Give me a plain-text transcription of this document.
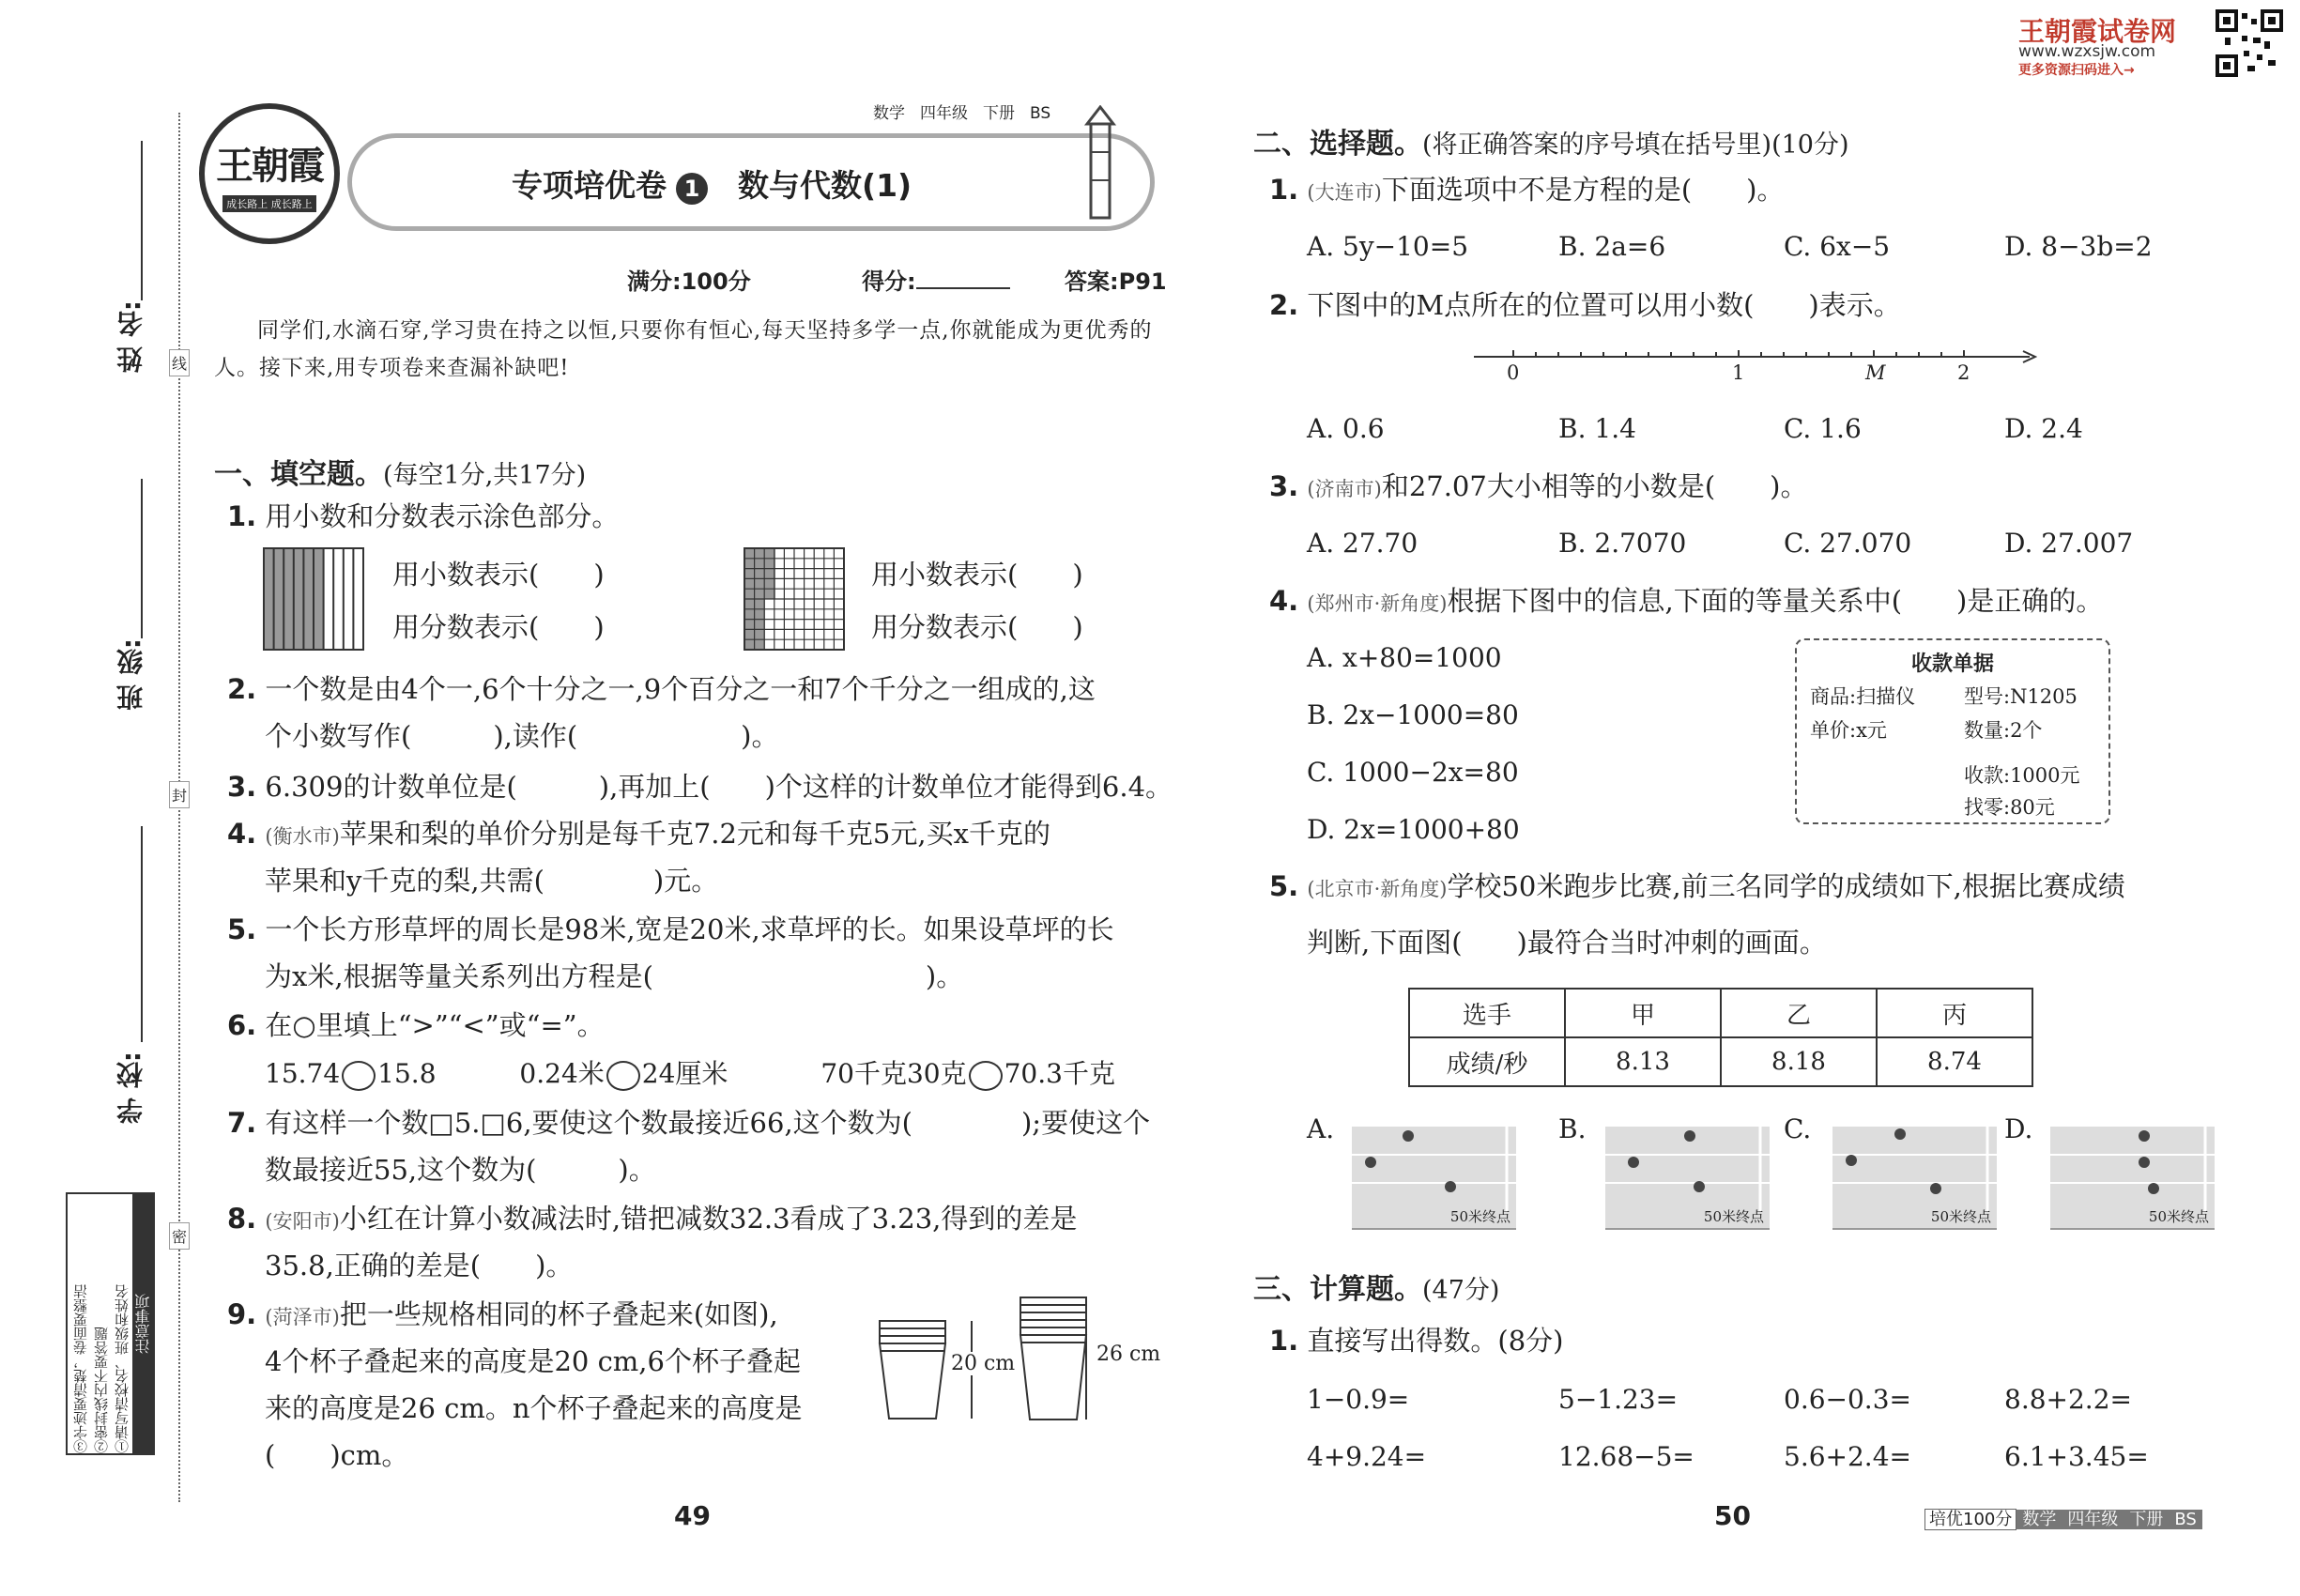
姓 名:
班 级:
学 校:
线
封
密
注意事项
①请写清校名、班级和姓名
②密封线内不要答题
③字迹要清楚，卷面要整洁
王朝霞
成长路上 成长路上	专项培优卷 1 数与代数(1)
数学 四年级 下册 BS
满分:100分	得分:	答案:P91
同学们,水滴石穿,学习贵在持之以恒,只要你有恒心,每天坚持多学一点,你就能成为更优秀的人。接下来,用专项卷来查漏补缺吧!
一、填空题。(每空1分,共17分)
1. 用小数和分数表示涂色部分。
用小数表示(　　)
用分数表示(　　)
用小数表示(　　)
用分数表示(　　)
2. 一个数是由4个一,6个十分之一,9个百分之一和7个千分之一组成的,这
个小数写作(　　　),读作(　　　　　　)。
3. 6.309的计数单位是(　　　),再加上(　　)个这样的计数单位才能得到6.4。
4. (衡水市)苹果和梨的单价分别是每千克7.2元和每千克5元,买x千克的
苹果和y千克的梨,共需(　　　　)元。
5. 一个长方形草坪的周长是98米,宽是20米,求草坪的长。如果设草坪的长
为x米,根据等量关系列出方程是(　　　　　　　　　　)。
6. 在○里填上“>”“<”或“=”。
15.74 15.8	0.24米 24厘米	70千克30克 70.3千克
7. 有这样一个数□5.□6,要使这个数最接近66,这个数为(　　　　);要使这个
数最接近55,这个数为(　　　)。
8. (安阳市)小红在计算小数减法时,错把减数32.3看成了3.23,得到的差是
35.8,正确的差是(　　)。
9. (菏泽市)把一些规格相同的杯子叠起来(如图),
4个杯子叠起来的高度是20 cm,6个杯子叠起
来的高度是26 cm。n个杯子叠起来的高度是
(　　)cm。
20 cm	26 cm
王朝霞试卷网
www.wzxsjw.com
更多资源扫码进入→
二、选择题。(将正确答案的序号填在括号里)(10分)
1. (大连市)下面选项中不是方程的是(　　)。
A. 5y−10=5	B. 2a=6	C. 6x−5	D. 8−3b=2
2. 下图中的M点所在的位置可以用小数(　　)表示。
0	1	M	2
A. 0.6	B. 1.4	C. 1.6	D. 2.4
3. (济南市)和27.07大小相等的小数是(　　)。
A. 27.70	B. 2.7070	C. 27.070	D. 27.007
4. (郑州市·新角度)根据下图中的信息,下面的等量关系中(　　)是正确的。
A. x+80=1000
B. 2x−1000=80
C. 1000−2x=80
D. 2x=1000+80
收款单据
商品:扫描仪 型号:N1205
单价:x元	数量:2个
收款:1000元
找零:80元
5. (北京市·新角度)学校50米跑步比赛,前三名同学的成绩如下,根据比赛成绩
判断,下面图(　　)最符合当时冲刺的画面。
选手	甲	乙	丙
成绩/秒	8.13	8.18	8.74
A.
50米终点
B.
50米终点
C.
50米终点
D.
50米终点
三、计算题。(47分)
1. 直接写出得数。(8分)
1−0.9=	5−1.23=	0.6−0.3=	8.8+2.2=
4+9.24=	12.68−5=	5.6+2.4=	6.1+3.45=
49	50	培优100分 数学 四年级 下册 BS
